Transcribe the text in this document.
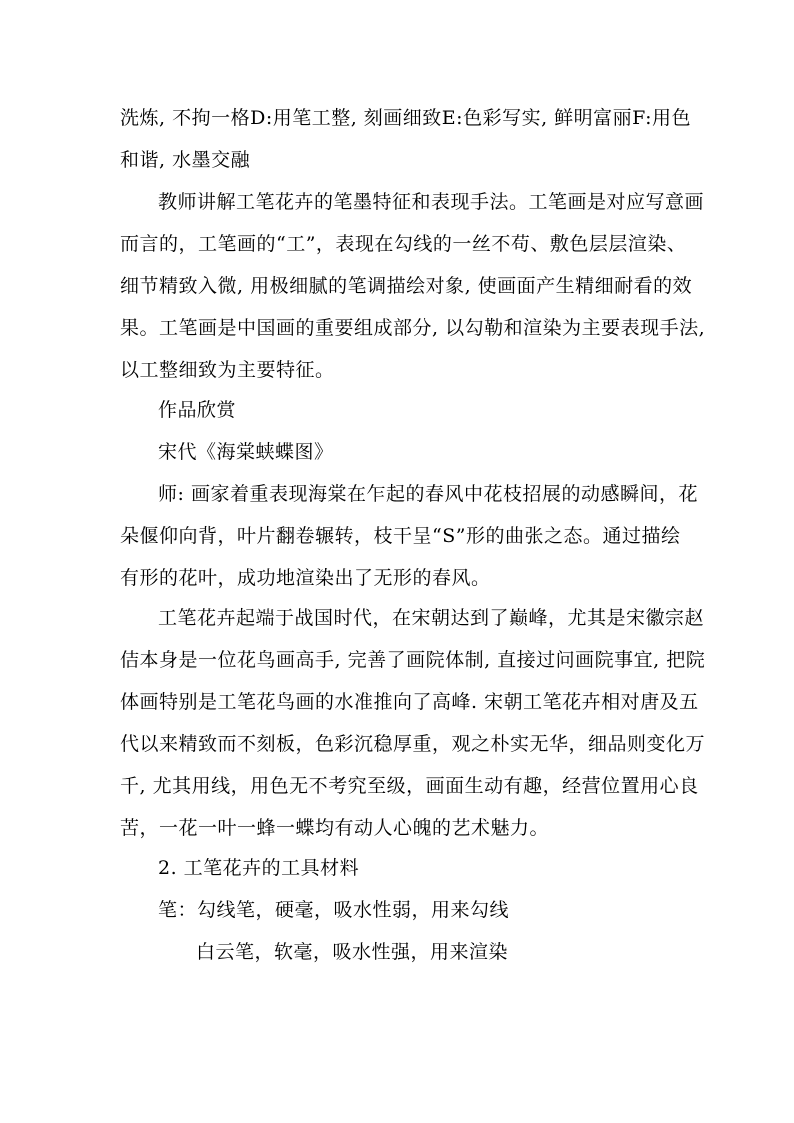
洗炼, 不拘一格D:用笔工整, 刻画细致E:色彩写实, 鲜明富丽F:用色
和谐, 水墨交融
教师讲解工笔花卉的笔墨特征和表现手法。工笔画是对应写意画
而言的，工笔画的“工”，表现在勾线的一丝不苟、敷色层层渲染、
细节精致入微, 用极细腻的笔调描绘对象, 使画面产生精细耐看的效
果。工笔画是中国画的重要组成部分, 以勾勒和渲染为主要表现手法,
以工整细致为主要特征。
作品欣赏
宋代《海棠蛱蝶图》
师: 画家着重表现海棠在乍起的春风中花枝招展的动感瞬间，花
朵偃仰向背，叶片翻卷辗转，枝干呈“S”形的曲张之态。通过描绘
有形的花叶，成功地渲染出了无形的春风。
工笔花卉起端于战国时代，在宋朝达到了巅峰，尤其是宋徽宗赵
佶本身是一位花鸟画高手, 完善了画院体制, 直接过问画院事宜, 把院
体画特别是工笔花鸟画的水准推向了高峰. 宋朝工笔花卉相对唐及五
代以来精致而不刻板，色彩沉稳厚重，观之朴实无华，细品则变化万
千, 尤其用线，用色无不考究至级，画面生动有趣，经营位置用心良
苦，一花一叶一蜂一蝶均有动人心魄的艺术魅力。
2. 工笔花卉的工具材料
笔：勾线笔，硬毫，吸水性弱，用来勾线
白云笔，软毫，吸水性强，用来渲染
